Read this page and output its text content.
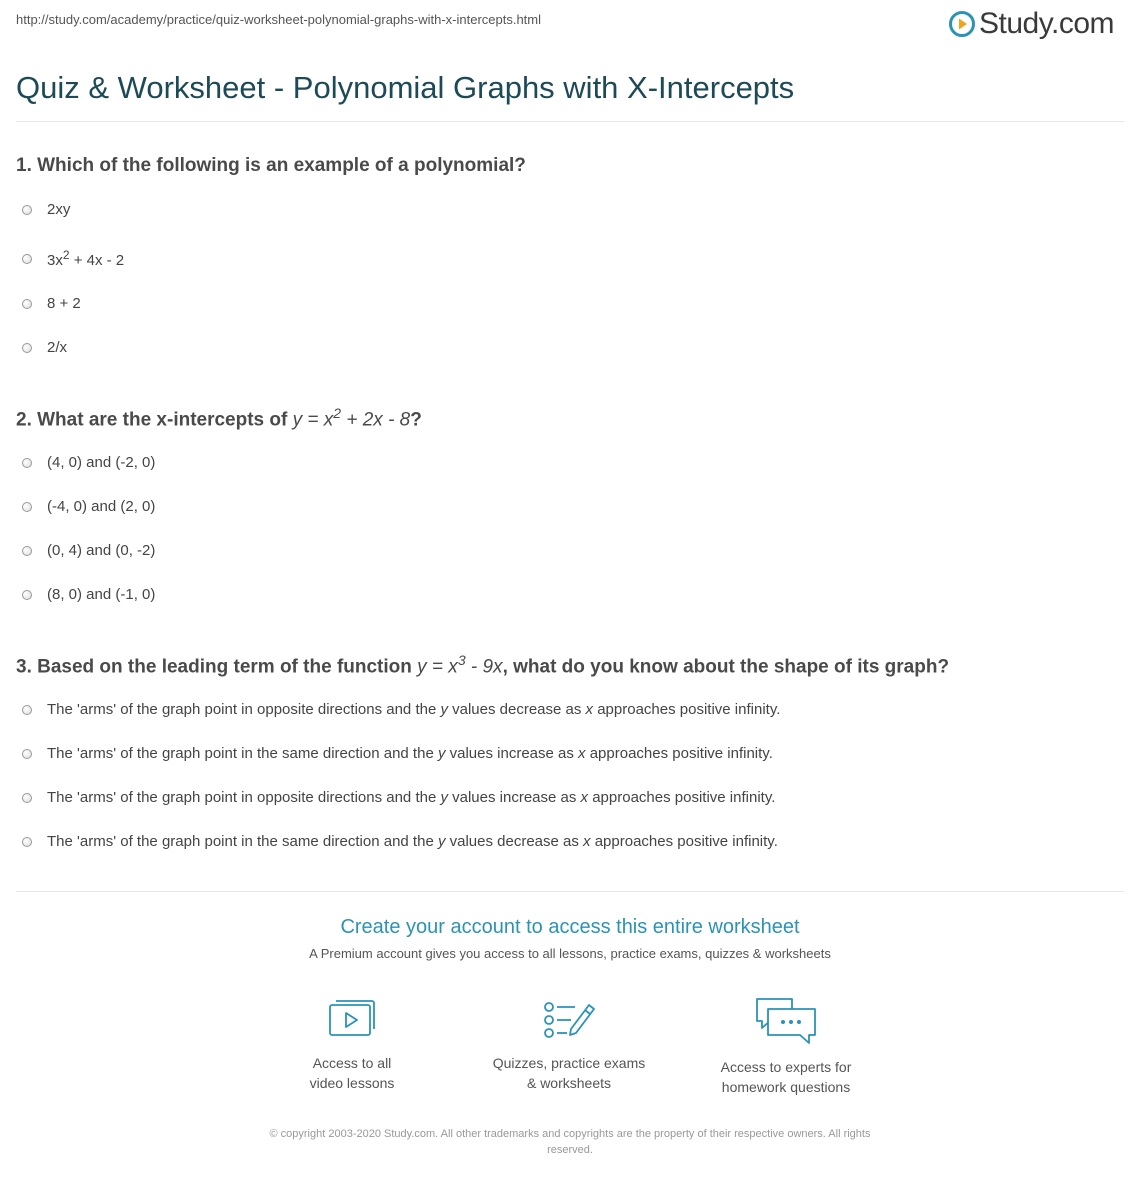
http://study.com/academy/practice/quiz-worksheet-polynomial-graphs-with-x-intercepts.html	Study.com
Quiz & Worksheet - Polynomial Graphs with X-Intercepts
1. Which of the following is an example of a polynomial?
2xy
$3x^2 + 4x - 2$
8 + 2
2/x
2. What are the x-intercepts of $y = x^2 + 2x - 8$?
(4, 0) and (-2, 0)
(-4, 0) and (2, 0)
(0, 4) and (0, -2)
(8, 0) and (-1, 0)
3. Based on the leading term of the function $y = x^3 - 9x$, what do you know about the shape of its graph?
The 'arms' of the graph point in opposite directions and the y values decrease as x approaches positive infinity.
The 'arms' of the graph point in the same direction and the y values increase as x approaches positive infinity.
The 'arms' of the graph point in opposite directions and the y values increase as x approaches positive infinity.
The 'arms' of the graph point in the same direction and the y values decrease as x approaches positive infinity.
Create your account to access this entire worksheet
A Premium account gives you access to all lessons, practice exams, quizzes & worksheets
Access to all
video lessons
Quizzes, practice exams
& worksheets
Access to experts for
homework questions
© copyright 2003-2020 Study.com. All other trademarks and copyrights are the property of their respective owners. All rights
reserved.
